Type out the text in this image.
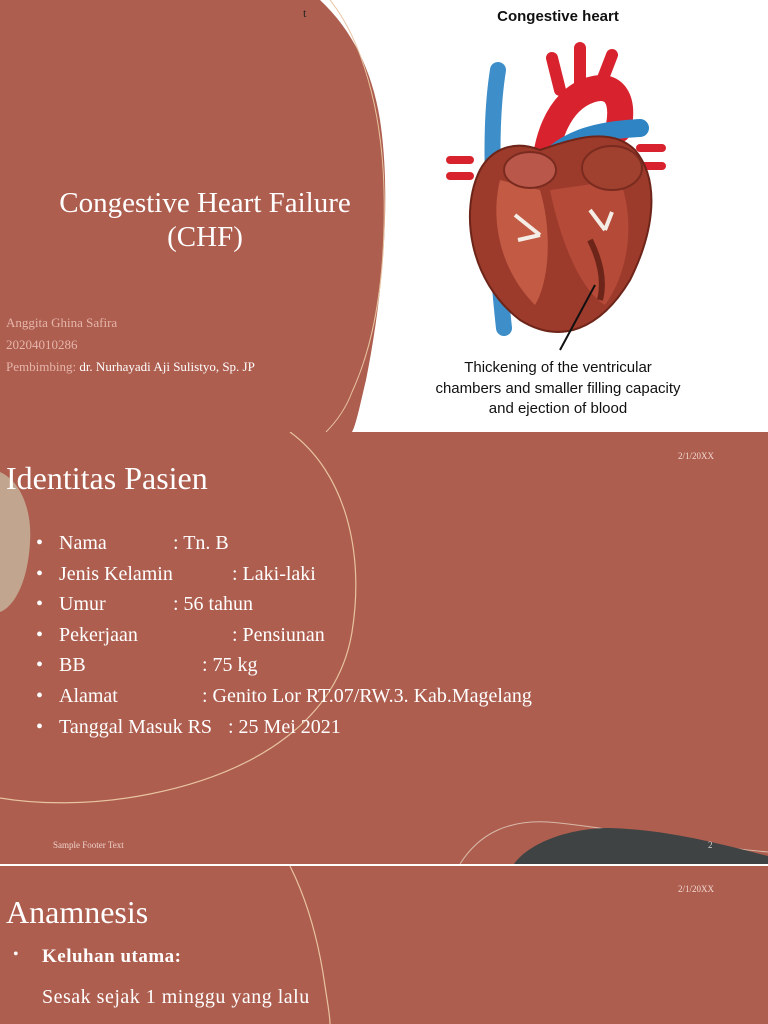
t
Congestive Heart Failure
(CHF)
Anggita Ghina Safira
20204010286
Pembimbing: dr. Nurhayadi Aji Sulistyo, Sp. JP
Congestive heart
Thickening of the ventricular
chambers and smaller filling capacity
and ejection of blood
2/1/20XX
Identitas Pasien
• Nama	: Tn. B
• Jenis Kelamin	: Laki-laki
• Umur	: 56 tahun
• Pekerjaan	: Pensiunan
• BB	: 75 kg
• Alamat	: Genito Lor RT.07/RW.3. Kab.Magelang
• Tanggal Masuk RS : 25 Mei 2021
Sample Footer Text	2
2/1/20XX
Anamnesis
• Keluhan utama:
Sesak sejak 1 minggu yang lalu
